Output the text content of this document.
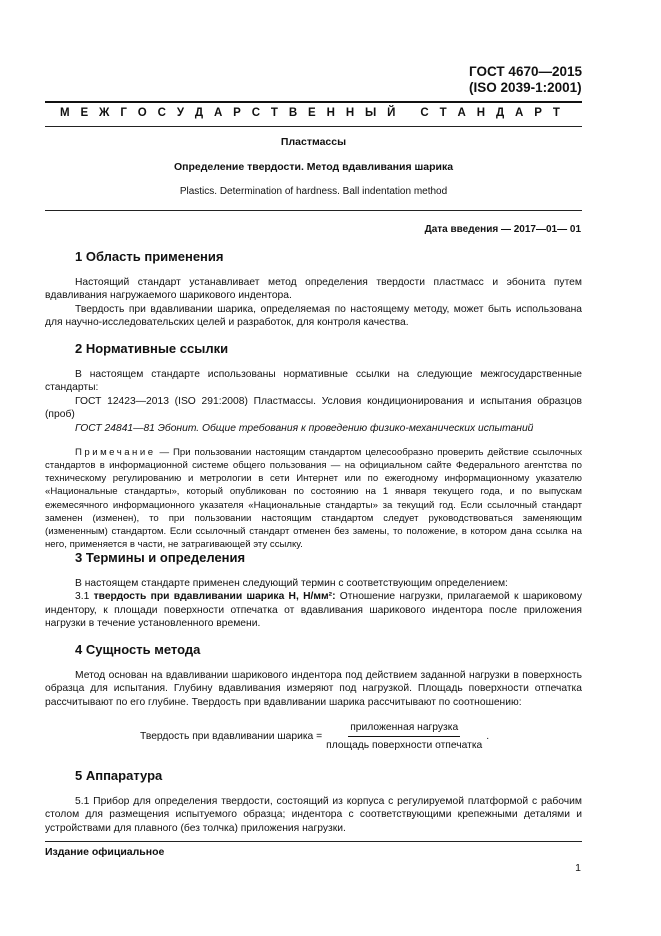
ГОСТ 4670—2015
(ISO 2039-1:2001)
М Е Ж Г О С У Д А Р С Т В Е Н Н Ы Й
С Т А Н Д А Р Т
Пластмассы
Определение твердости. Метод вдавливания шарика
Plastics. Determination of hardness. Ball indentation method
Дата введения — 2017—01— 01
1 Область применения
Настоящий стандарт устанавливает метод определения твердости пластмасс и эбонита путем вдавливания нагружаемого шарикового индентора.
Твердость при вдавливании шарика, определяемая по настоящему методу, может быть использована для научно-исследовательских целей и разработок, для контроля качества.
2 Нормативные ссылки
В настоящем стандарте использованы нормативные ссылки на следующие межгосударственные стандарты:
ГОСТ 12423—2013 (ISO 291:2008) Пластмассы. Условия кондиционирования и испытания образцов (проб)
ГОСТ 24841—81 Эбонит. Общие требования к проведению физико-механических испытаний
Примечание — При пользовании настоящим стандартом целесообразно проверить действие ссылочных стандартов в информационной системе общего пользования — на официальном сайте Федерального агентства по техническому регулированию и метрологии в сети Интернет или по ежегодному информационному указателю «Национальные стандарты», который опубликован по состоянию на 1 января текущего года, и по выпускам ежемесячного информационного указателя «Национальные стандарты» за текущий год. Если ссылочный стандарт заменен (изменен), то при пользовании настоящим стандартом следует руководствоваться заменяющим (измененным) стандартом. Если ссылочный стандарт отменен без замены, то положение, в котором дана ссылка на него, применяется в части, не затрагивающей эту ссылку.
3 Термины и определения
В настоящем стандарте применен следующий термин с соответствующим определением:
3.1 твердость при вдавливании шарика H, Н/мм²: Отношение нагрузки, прилагаемой к шариковому индентору, к площади поверхности отпечатка от вдавливания шарикового индентора после приложения нагрузки в течение установленного времени.
4 Сущность метода
Метод основан на вдавливании шарикового индентора под действием заданной нагрузки в поверхность образца для испытания. Глубину вдавливания измеряют под нагрузкой. Площадь поверхности отпечатка рассчитывают по его глубине. Твердость при вдавливании шарика рассчитывают по соотношению:
Твердость при вдавливании шарика = $\frac{\text{приложенная нагрузка}}{\text{площадь поверхности отпечатка}}$ .
5 Аппаратура
5.1 Прибор для определения твердости, состоящий из корпуса с регулируемой платформой с рабочим столом для размещения испытуемого образца; индентора с соответствующими крепежными деталями и устройствами для плавного (без толчка) приложения нагрузки.
Издание официальное
1
